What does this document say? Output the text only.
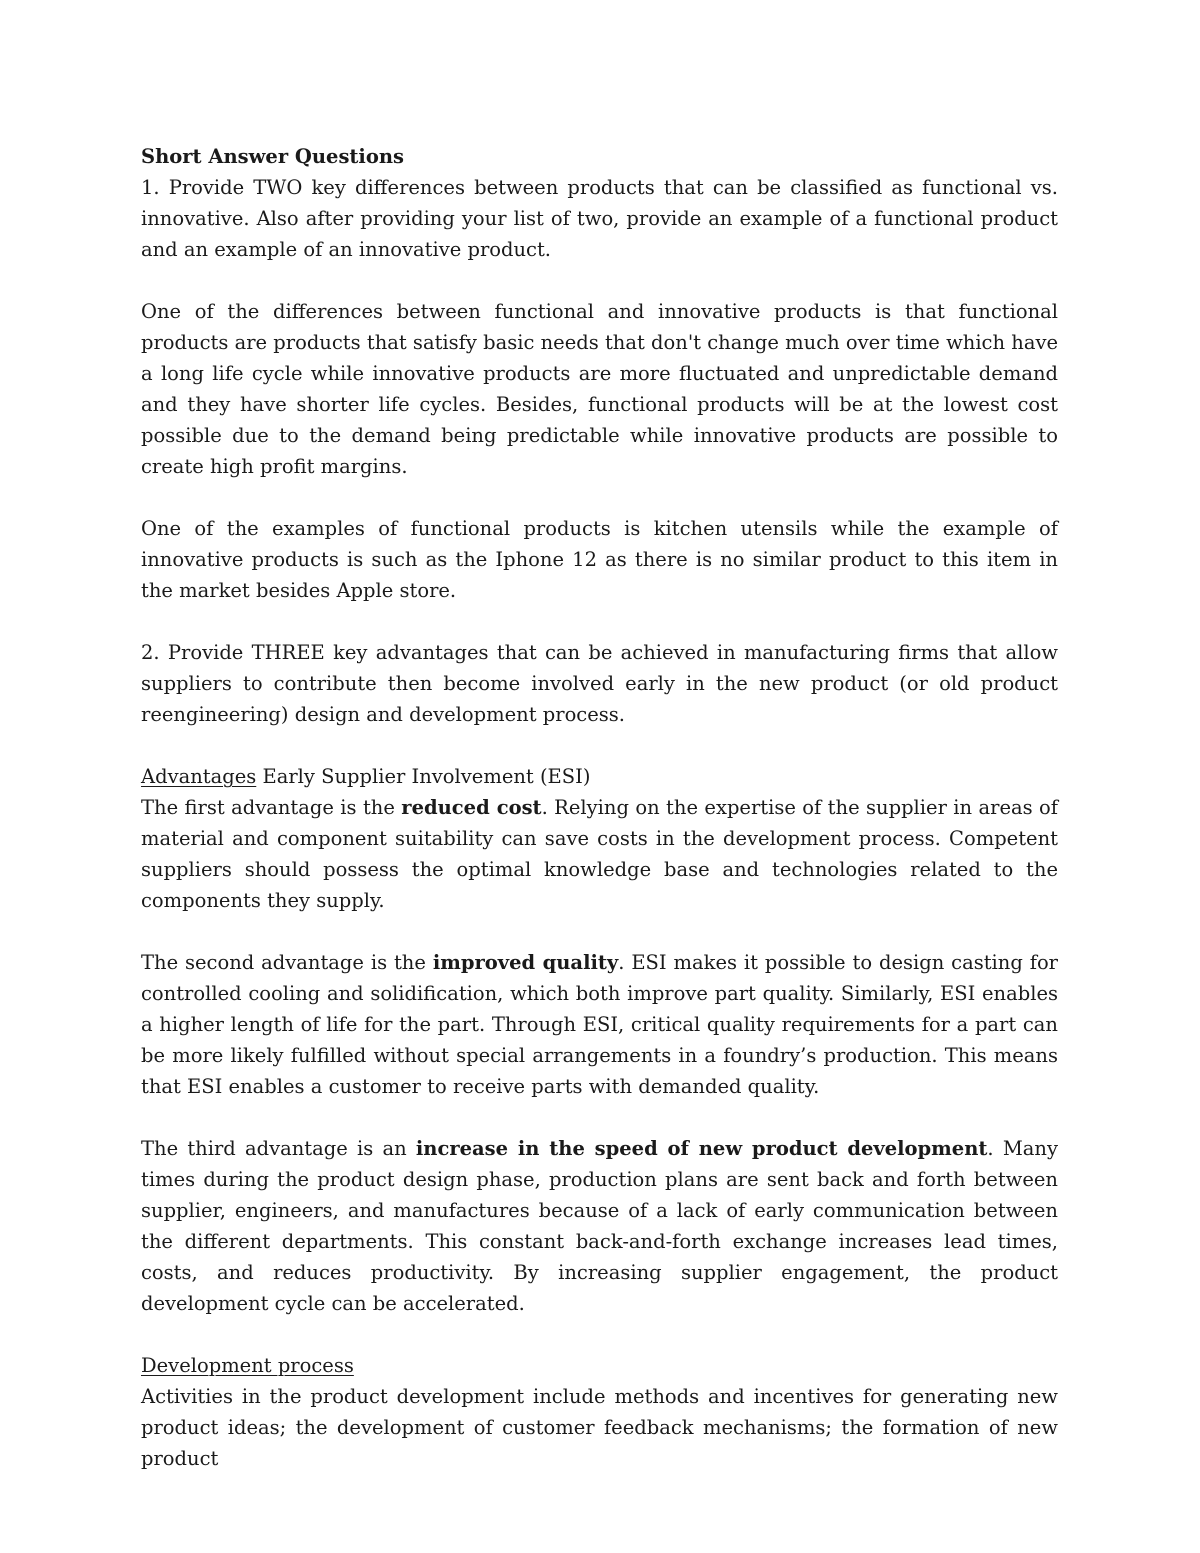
Short Answer Questions

1. Provide TWO key differences between products that can be classified as functional vs. innovative. Also after providing your list of two, provide an example of a functional product and an example of an innovative product.

One of the differences between functional and innovative products is that functional products are products that satisfy basic needs that don't change much over time which have a long life cycle while innovative products are more fluctuated and unpredictable demand and they have shorter life cycles. Besides, functional products will be at the lowest cost possible due to the demand being predictable while innovative products are possible to create high profit margins.

One of the examples of functional products is kitchen utensils while the example of innovative products is such as the Iphone 12 as there is no similar product to this item in the market besides Apple store.

2. Provide THREE key advantages that can be achieved in manufacturing firms that allow suppliers to contribute then become involved early in the new product (or old product reengineering) design and development process.

Advantages Early Supplier Involvement (ESI)

The first advantage is the reduced cost. Relying on the expertise of the supplier in areas of material and component suitability can save costs in the development process. Competent suppliers should possess the optimal knowledge base and technologies related to the components they supply.

The second advantage is the improved quality. ESI makes it possible to design casting for controlled cooling and solidification, which both improve part quality. Similarly, ESI enables a higher length of life for the part. Through ESI, critical quality requirements for a part can be more likely fulfilled without special arrangements in a foundry’s production. This means that ESI enables a customer to receive parts with demanded quality.

The third advantage is an increase in the speed of new product development. Many times during the product design phase, production plans are sent back and forth between supplier, engineers, and manufactures because of a lack of early communication between the different departments. This constant back-and-forth exchange increases lead times, costs, and reduces productivity. By increasing supplier engagement, the product development cycle can be accelerated.

Development process

Activities in the product development include methods and incentives for generating new product ideas; the development of customer feedback mechanisms; the formation of new product
